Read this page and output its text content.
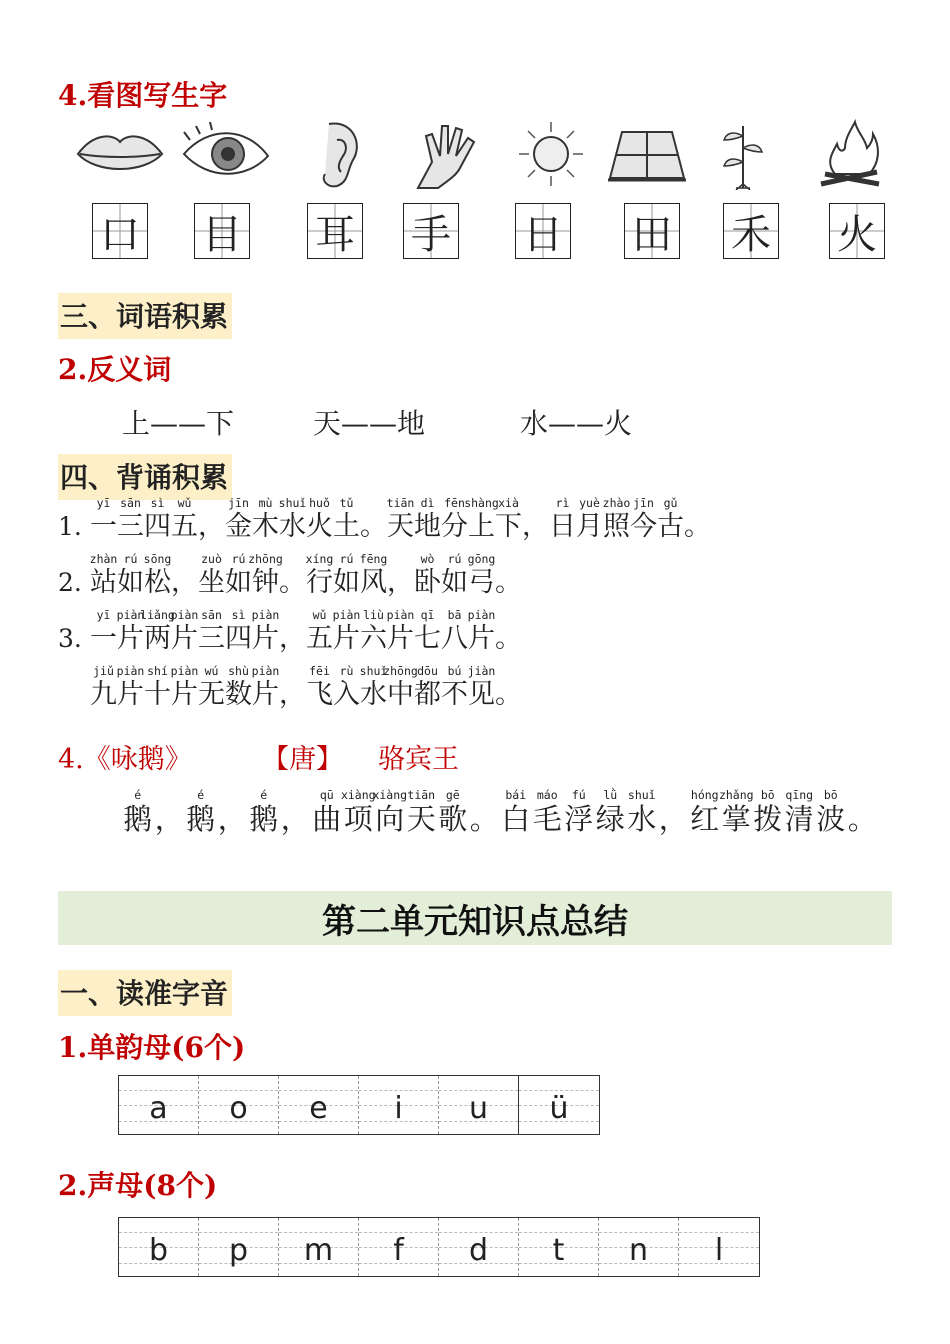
4.看图写生字
口 目 耳 手 日 田 禾 火
三、词语积累
2.反义词
上——下	天——地	水——火
四、背诵积累
1.
yī
一
sān
三
sì
四
wǔ
五 ，
jīn
金
mù
木
shuǐ
水
huǒ
火
tǔ
土 。
tiān
天
dì
地
fēn
分
shàng
上
xià
下 ，
rì
日
yuè
月
zhào
照
jīn
今
gǔ
古 。
2.
zhàn
站
rú
如
sōng
松 ，
zuò
坐
rú
如
zhōng
钟 。
xíng
行
rú
如
fēng
风 ，
wò
卧
rú
如
gōng
弓 。
3.
yī
一
piàn
片
liǎng
两
piàn
片
sān
三
sì
四
piàn
片 ，
wǔ
五
piàn
片
liù
六
piàn
片
qī
七
bā
八
piàn
片 。
jiǔ
九
piàn
片
shí
十
piàn
片
wú
无
shù
数
piàn
片 ，
fēi
飞
rù
入
shuǐ
水
zhōng
中
dōu
都
bú
不
jiàn
见 。
4.《咏鹅》	【唐】 骆宾王
é
鹅 ，
é
鹅 ，
é
鹅 ，
qū
曲
xiàng
项
xiàng
向
tiān
天
gē
歌 。
bái
白
máo
毛
fú
浮
lǜ
绿
shuǐ
水 ，
hóng
红
zhǎng
掌
bō
拨
qīng
清
bō
波 。
第二单元知识点总结
一、读准字音
1.单韵母(6个)
a	o	e	i	u	ü
2.声母(8个)
b	p	m	f	d	t	n	l
